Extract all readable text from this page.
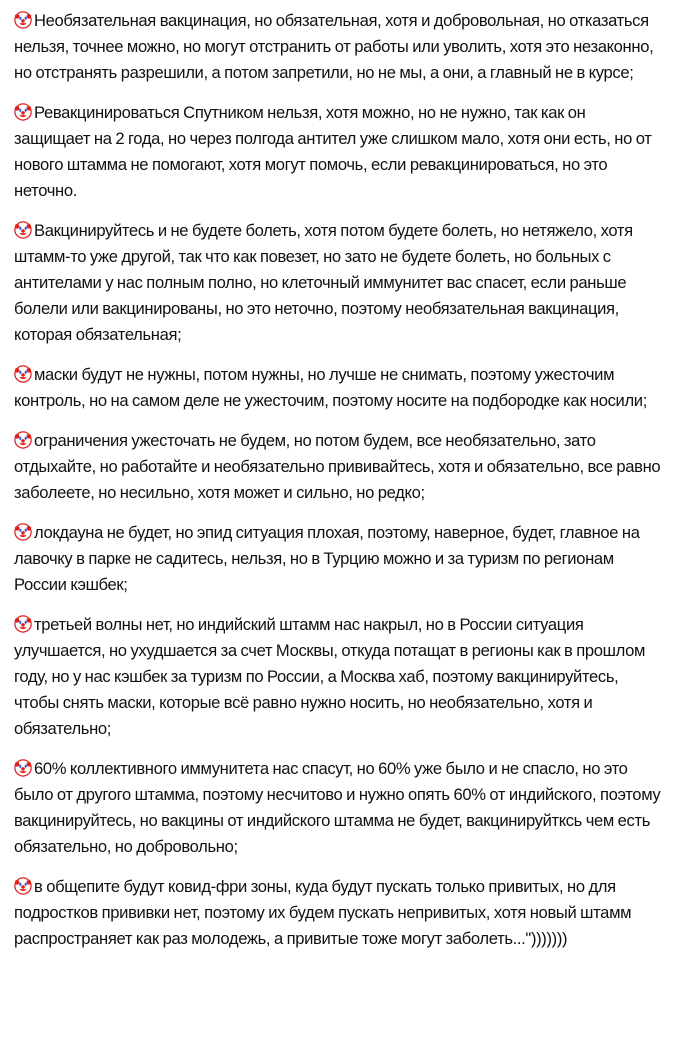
Необязательная вакцинация, но обязательная, хотя и добровольная, но отказаться нельзя, точнее можно, но могут отстранить от работы или уволить, хотя это незаконно, но отстранять разрешили, а потом запретили, но не мы, а они, а главный не в курсе;

Ревакцинироваться Спутником нельзя, хотя можно, но не нужно, так как он защищает на 2 года, но через полгода антител уже слишком мало, хотя они есть, но от нового штамма не помогают, хотя могут помочь, если ревакцинироваться, но это неточно.

Вакцинируйтесь и не будете болеть, хотя потом будете болеть, но нетяжело, хотя штамм-то уже другой, так что как повезет, но зато не будете болеть, но больных с антителами у нас полным полно, но клеточный иммунитет вас спасет, если раньше болели или вакцинированы, но это неточно, поэтому необязательная вакцинация, которая обязательная;

маски будут не нужны, потом нужны, но лучше не снимать, поэтому ужесточим контроль, но на самом деле не ужесточим, поэтому носите на подбородке как носили;

ограничения ужесточать не будем, но потом будем, все необязательно, зато отдыхайте, но работайте и необязательно прививайтесь, хотя и обязательно, все равно заболеете, но несильно, хотя может и сильно, но редко;

локдауна не будет, но эпид ситуация плохая, поэтому, наверное, будет, главное на лавочку в парке не садитесь, нельзя, но в Турцию можно и за туризм по регионам России кэшбек;

третьей волны нет, но индийский штамм нас накрыл, но в России ситуация улучшается, но ухудшается за счет Москвы, откуда потащат в регионы как в прошлом году, но у нас кэшбек за туризм по России, а Москва хаб, поэтому вакцинируйтесь, чтобы снять маски, которые всё равно нужно носить, но необязательно, хотя и обязательно;

60% коллективного иммунитета нас спасут, но 60% уже было и не спасло, но это было от другого штамма, поэтому несчитово и нужно опять 60% от индийского, поэтому вакцинируйтесь, но вакцины от индийского штамма не будет, вакцинируйткcь чем есть обязательно, но добровольно;

в общепите будут ковид-фри зоны, куда будут пускать только привитых, но для подростков прививки нет, поэтому их будем пускать непривитых, хотя новый штамм распространяет как раз молодежь, а привитые тоже могут заболеть...")))))))
